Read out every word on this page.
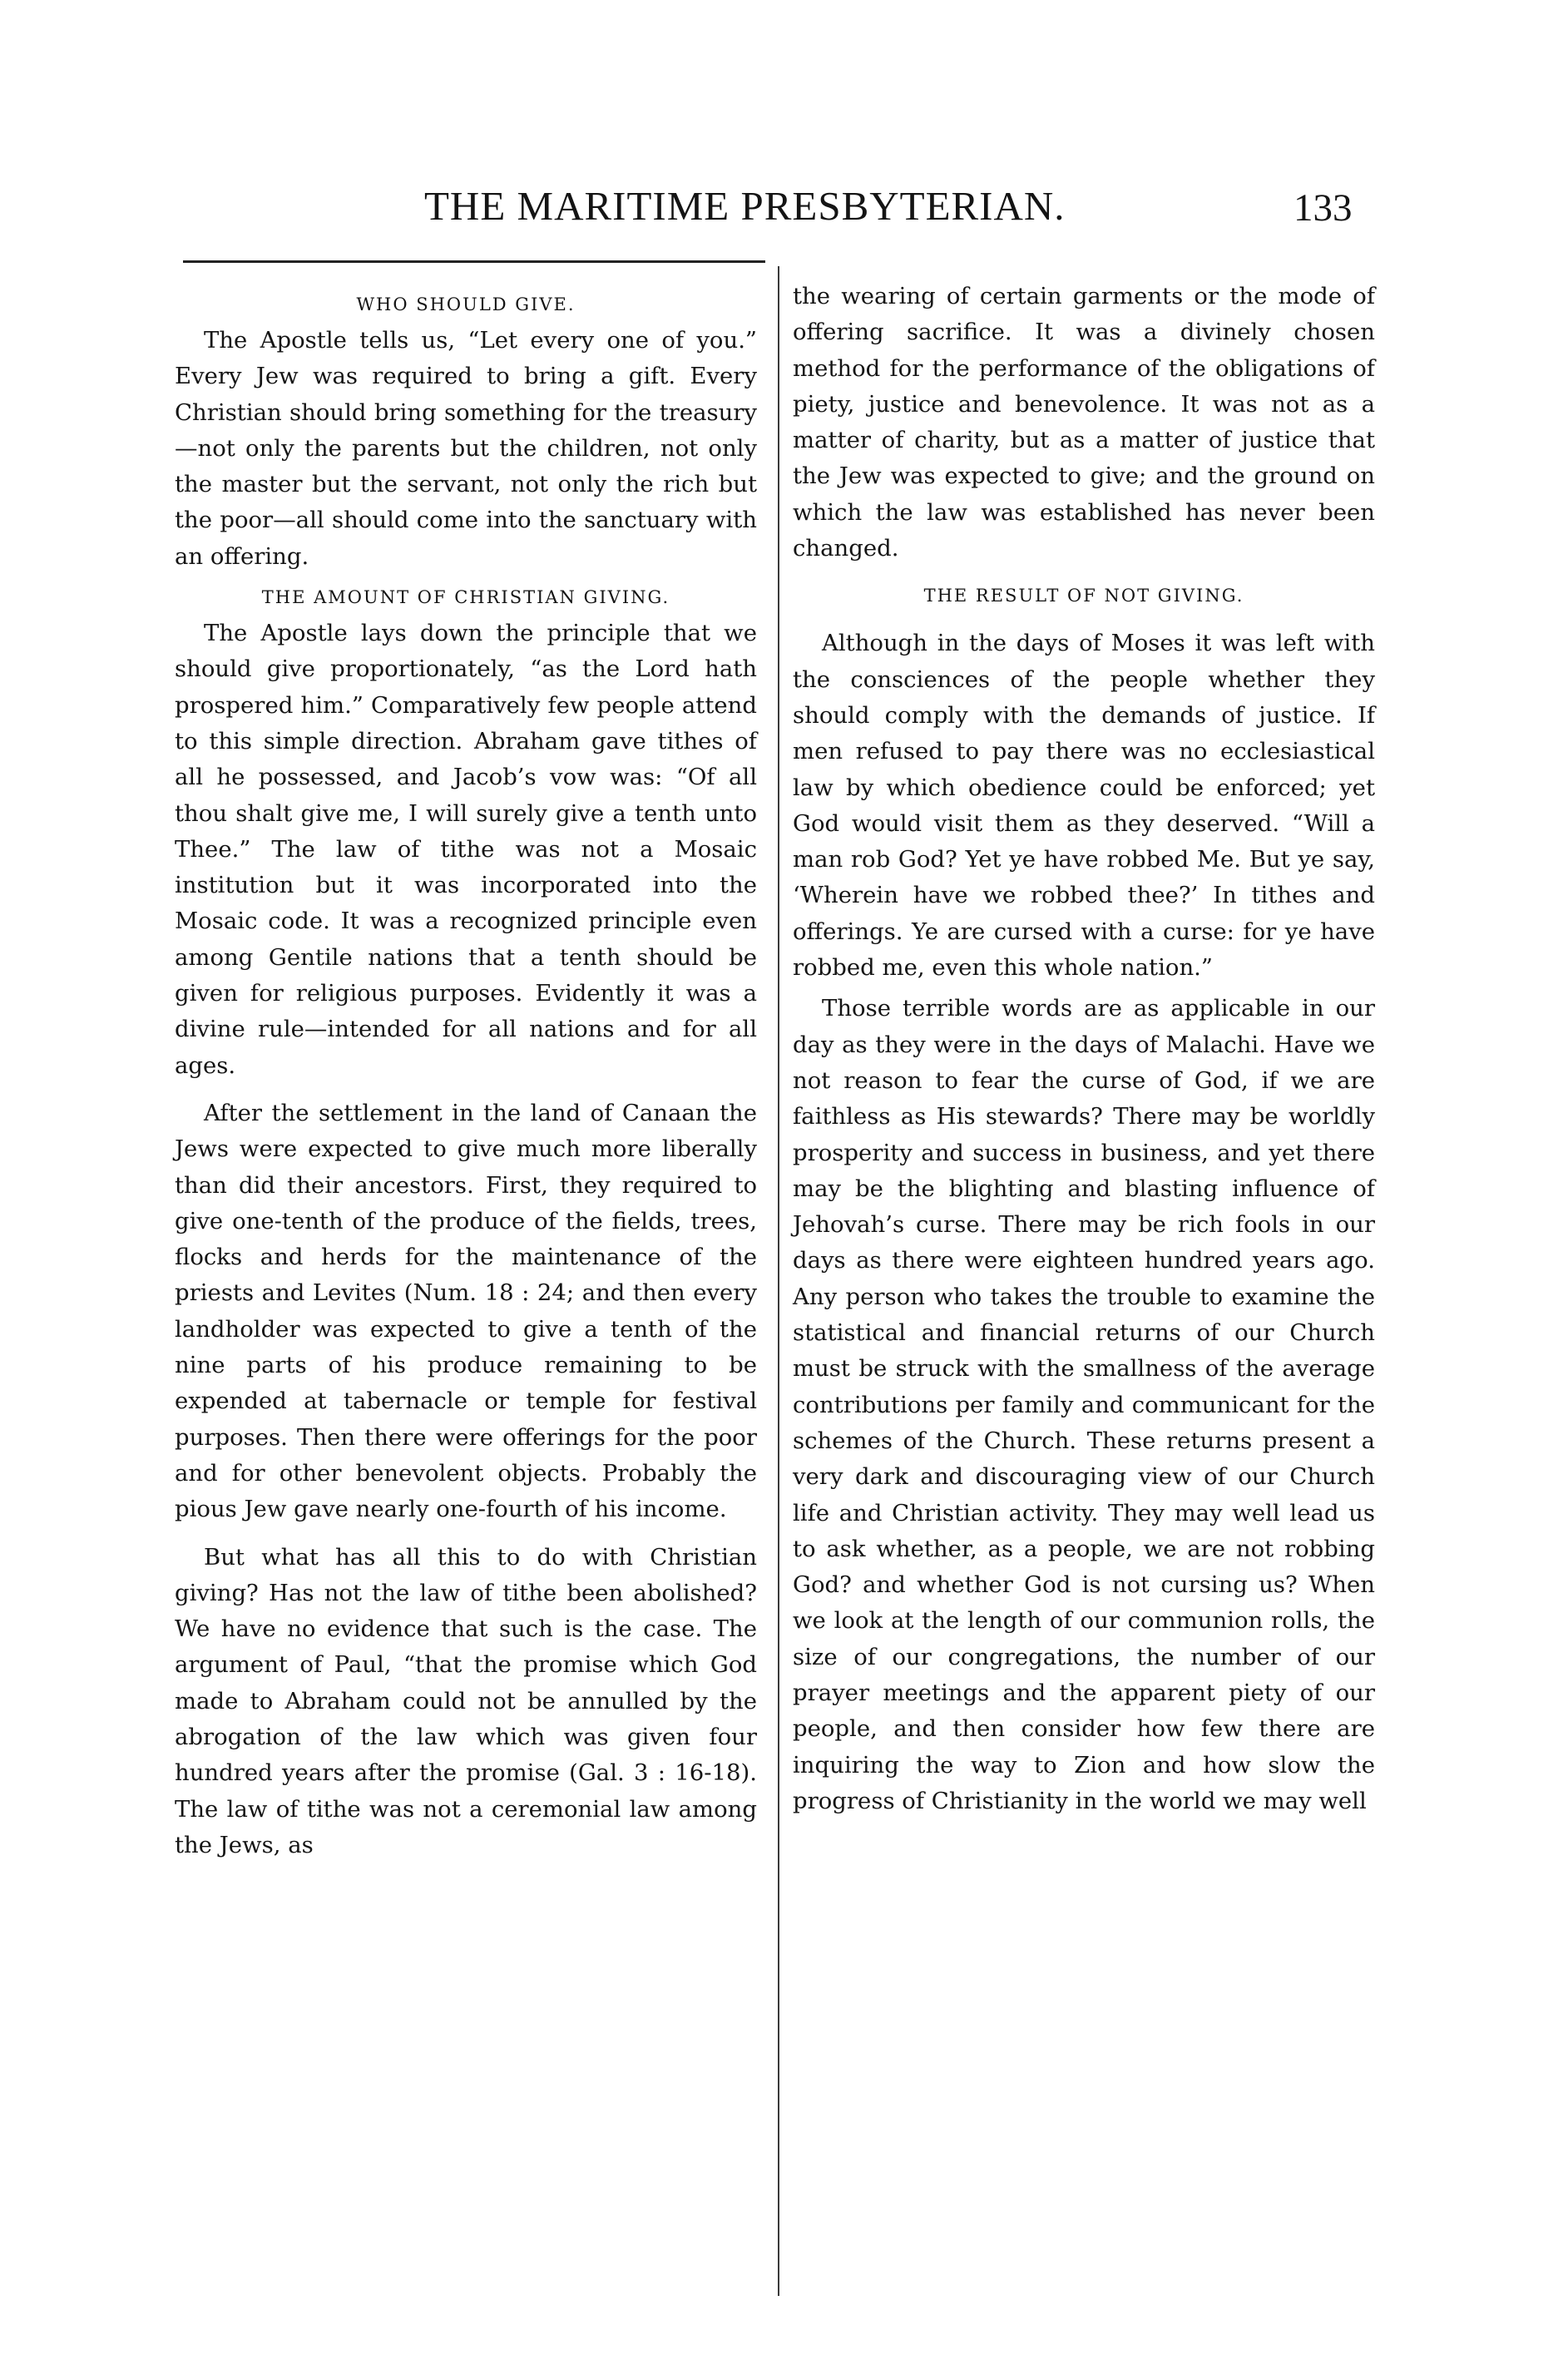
THE MARITIME PRESBYTERIAN.	133
WHO SHOULD GIVE.

The Apostle tells us, “Let every one of you.” Every Jew was required to bring a gift. Every Christian should bring something for the treasury—not only the parents but the children, not only the master but the servant, not only the rich but the poor—all should come into the sanctuary with an offering.

THE AMOUNT OF CHRISTIAN GIVING.

The Apostle lays down the principle that we should give proportionately, “as the Lord hath prospered him.” Comparatively few people attend to this simple direction. Abraham gave tithes of all he possessed, and Jacob’s vow was: “Of all thou shalt give me, I will surely give a tenth unto Thee.” The law of tithe was not a Mosaic institution but it was incorporated into the Mosaic code. It was a recognized principle even among Gentile nations that a tenth should be given for religious purposes. Evidently it was a divine rule—intended for all nations and for all ages.

After the settlement in the land of Canaan the Jews were expected to give much more liberally than did their ancestors. First, they required to give one-tenth of the produce of the fields, trees, flocks and herds for the maintenance of the priests and Levites (Num. 18 : 24; and then every landholder was expected to give a tenth of the nine parts of his produce remaining to be expended at tabernacle or temple for festival purposes. Then there were offerings for the poor and for other benevolent objects. Probably the pious Jew gave nearly one-fourth of his income.

But what has all this to do with Christian giving? Has not the law of tithe been abolished? We have no evidence that such is the case. The argument of Paul, “that the promise which God made to Abraham could not be annulled by the abrogation of the law which was given four hundred years after the promise (Gal. 3 : 16-18). The law of tithe was not a ceremonial law among the Jews, as

the wearing of certain garments or the mode of offering sacrifice. It was a divinely chosen method for the performance of the obligations of piety, justice and benevolence. It was not as a matter of charity, but as a matter of justice that the Jew was expected to give; and the ground on which the law was established has never been changed.

THE RESULT OF NOT GIVING.

Although in the days of Moses it was left with the consciences of the people whether they should comply with the demands of justice. If men refused to pay there was no ecclesiastical law by which obedience could be enforced; yet God would visit them as they deserved. “Will a man rob God? Yet ye have robbed Me. But ye say, ‘Wherein have we robbed thee?’ In tithes and offerings. Ye are cursed with a curse: for ye have robbed me, even this whole nation.”

Those terrible words are as applicable in our day as they were in the days of Malachi. Have we not reason to fear the curse of God, if we are faithless as His stewards? There may be worldly prosperity and success in business, and yet there may be the blighting and blasting influence of Jehovah’s curse. There may be rich fools in our days as there were eighteen hundred years ago. Any person who takes the trouble to examine the statistical and financial returns of our Church must be struck with the smallness of the average contributions per family and communicant for the schemes of the Church. These returns present a very dark and discouraging view of our Church life and Christian activity. They may well lead us to ask whether, as a people, we are not robbing God? and whether God is not cursing us? When we look at the length of our communion rolls, the size of our congregations, the number of our prayer meetings and the apparent piety of our people, and then consider how few there are inquiring the way to Zion and how slow the progress of Christianity in the world we may well
